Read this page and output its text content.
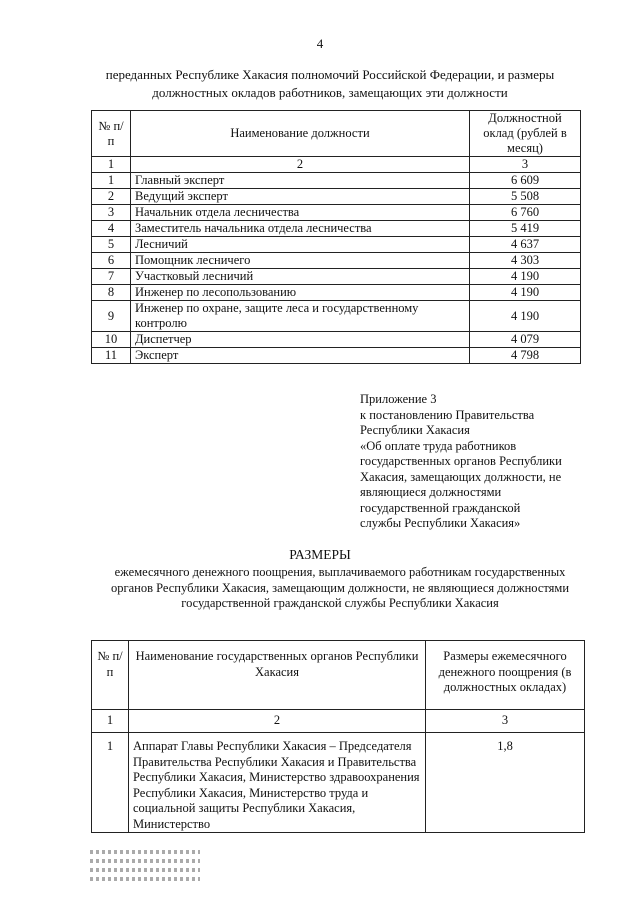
4
переданных Республике Хакасия полномочий Российской Федерации, и размеры
должностных окладов работников, замещающих эти должности
№ п/п	Наименование должности	Должностной оклад (рублей в месяц)
1	2	3
1	Главный эксперт	6 609
2	Ведущий эксперт	5 508
3	Начальник отдела лесничества	6 760
4	Заместитель начальника отдела лесничества	5 419
5	Лесничий	4 637
6	Помощник лесничего	4 303
7	Участковый лесничий	4 190
8	Инженер по лесопользованию	4 190
9	Инженер по охране, защите леса и государственному контролю	4 190
10	Диспетчер	4 079
11	Эксперт	4 798
Приложение 3
к постановлению Правительства
Республики Хакасия
«Об оплате труда работников
государственных органов Республики
Хакасия, замещающих должности, не
являющиеся должностями
государственной гражданской
службы Республики Хакасия»
РАЗМЕРЫ
ежемесячного денежного поощрения, выплачиваемого работникам государственных органов Республики Хакасия, замещающим должности, не являющиеся должностями государственной гражданской службы Республики Хакасия
№ п/п	Наименование государственных органов Республики Хакасия	Размеры ежемесячного денежного поощрения (в должностных окладах)
1	2	3
1	Аппарат Главы Республики Хакасия – Председателя Правительства Республики Хакасия и Правительства Республики Хакасия, Министерство здравоохранения Республики Хакасия, Министерство труда и социальной защиты Республики Хакасия, Министерство	1,8
